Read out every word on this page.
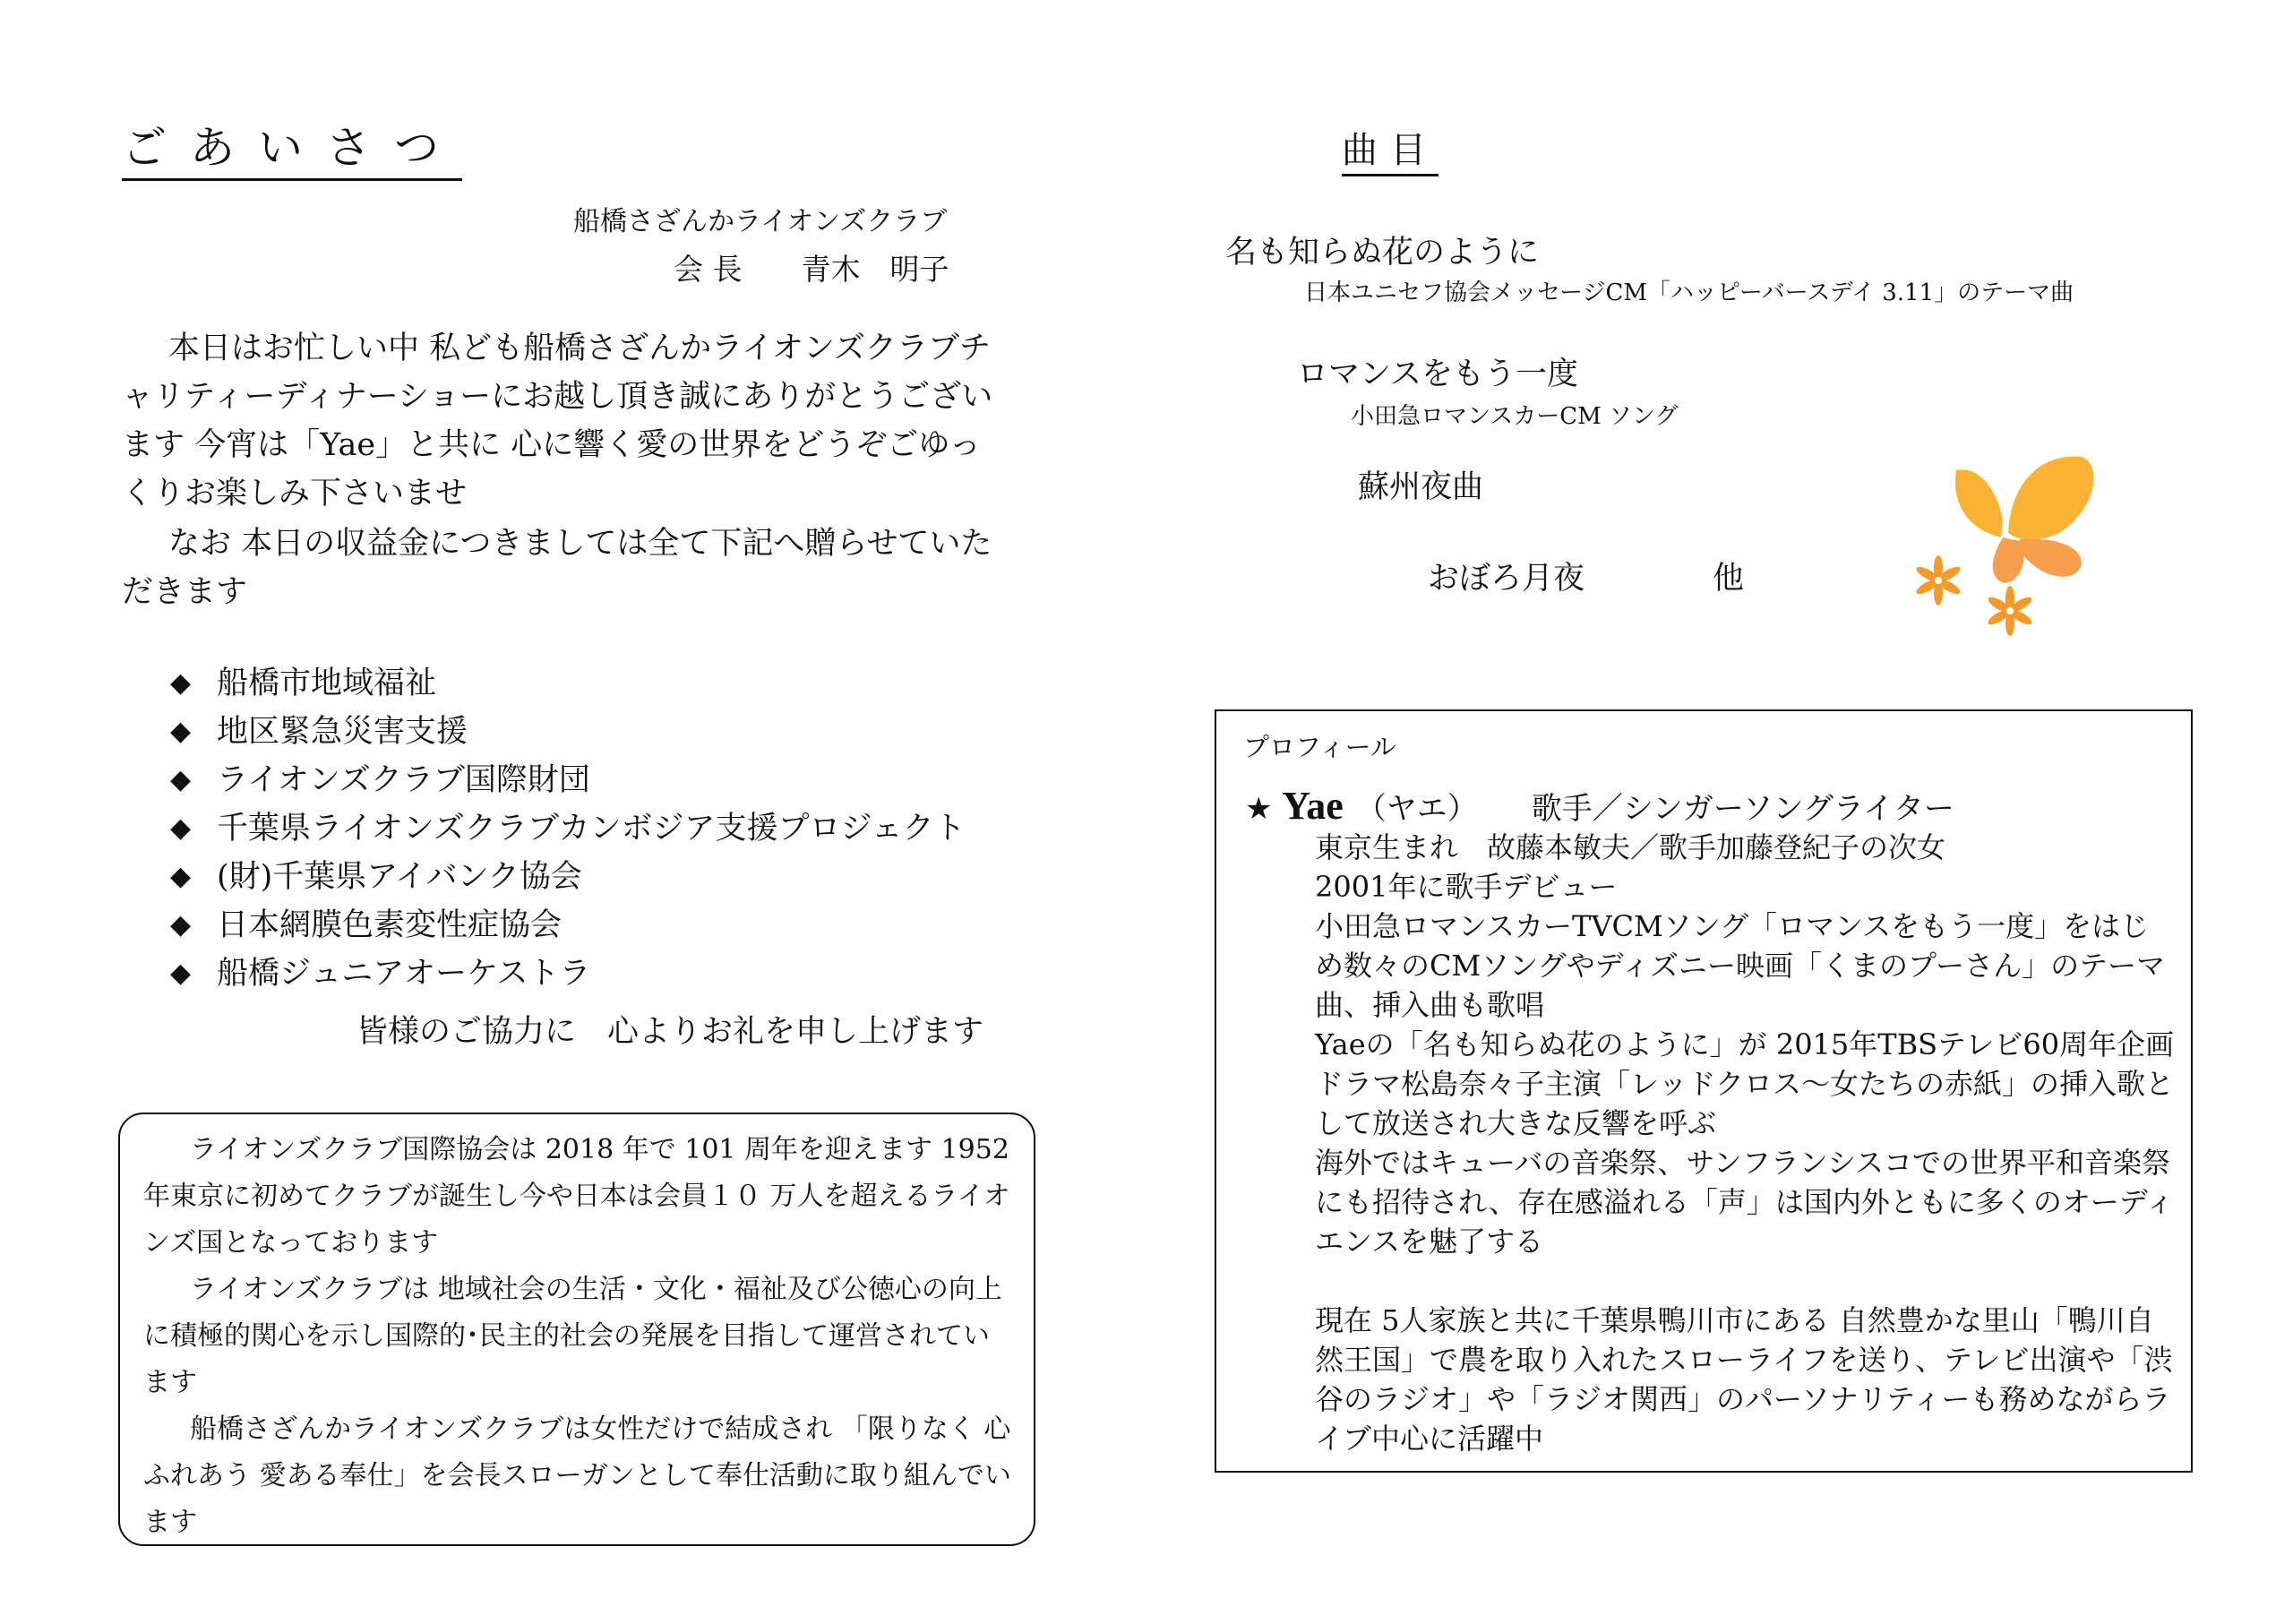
ごあいさつ
船橋さざんかライオンズクラブ
会 長　　青木　明子

本日はお忙しい中 私ども船橋さざんかライオンズクラブチャリティーディナーショーにお越し頂き誠にありがとうございます 今宵は「Yae」と共に 心に響く愛の世界をどうぞごゆっくりお楽しみ下さいませ

なお 本日の収益金につきましては全て下記へ贈らせていただきます

◆ 船橋市地域福祉
◆ 地区緊急災害支援
◆ ライオンズクラブ国際財団
◆ 千葉県ライオンズクラブカンボジア支援プロジェクト
◆ (財)千葉県アイバンク協会
◆ 日本網膜色素変性症協会
◆ 船橋ジュニアオーケストラ
皆様のご協力に　心よりお礼を申し上げます

ライオンズクラブ国際協会は 2018 年で 101 周年を迎えます 1952 年東京に初めてクラブが誕生し今や日本は会員１０ 万人を超えるライオンズ国となっております

ライオンズクラブは 地域社会の生活・文化・福祉及び公徳心の向上に積極的関心を示し国際的･民主的社会の発展を目指して運営されています

船橋さざんかライオンズクラブは女性だけで結成され 「限りなく 心ふれあう 愛ある奉仕」を会長スローガンとして奉仕活動に取り組んでいます

曲目
名も知らぬ花のように
日本ユニセフ協会メッセージCM「ハッピーバースデイ 3.11」のテーマ曲
ロマンスをもう一度
小田急ロマンスカーCM ソング
蘇州夜曲
おぼろ月夜	他
プロフィール
★ Yae （ヤエ） 歌手／シンガーソングライター

東京生まれ　故藤本敏夫／歌手加藤登紀子の次女

2001年に歌手デビュー

小田急ロマンスカーTVCMソング「ロマンスをもう一度」をはじめ数々のCMソングやディズニー映画「くまのプーさん」のテーマ曲、挿入曲も歌唱

Yaeの「名も知らぬ花のように」が 2015年TBSテレビ60周年企画ドラマ松島奈々子主演「レッドクロス～女たちの赤紙」の挿入歌として放送され大きな反響を呼ぶ

海外ではキューバの音楽祭、サンフランシスコでの世界平和音楽祭にも招待され、存在感溢れる「声」は国内外ともに多くのオーディエンスを魅了する

現在 5人家族と共に千葉県鴨川市にある 自然豊かな里山「鴨川自然王国」で農を取り入れたスローライフを送り、テレビ出演や「渋谷のラジオ」や「ラジオ関西」のパーソナリティーも務めながらライブ中心に活躍中
